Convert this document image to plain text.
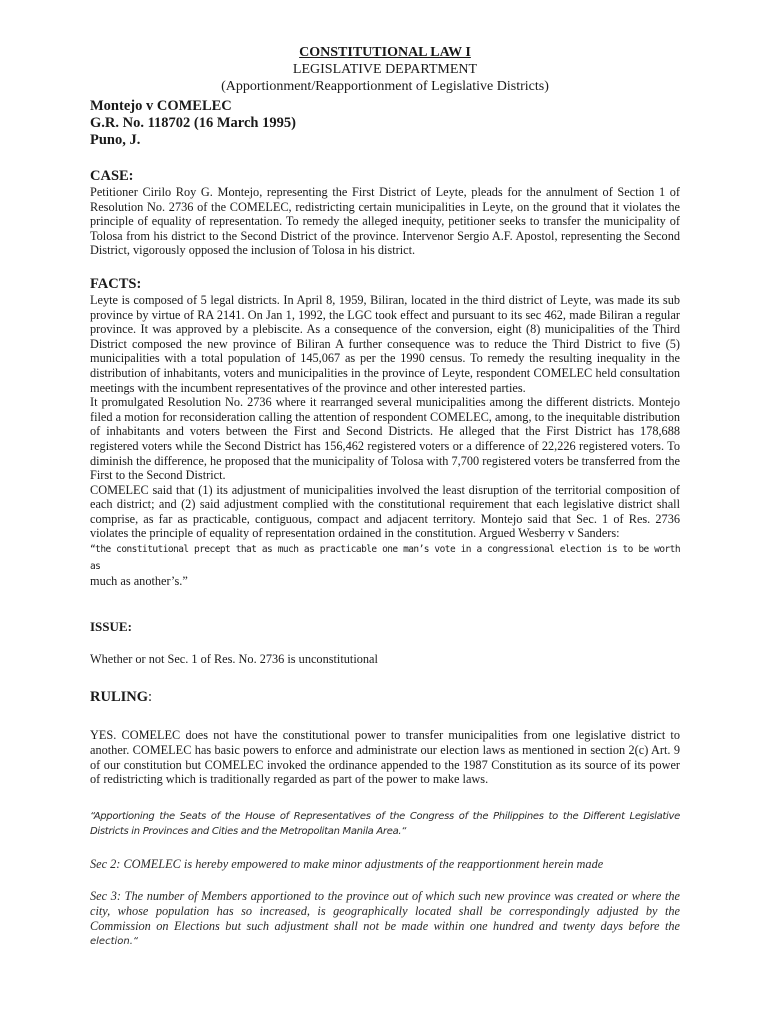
CONSTITUTIONAL LAW I
LEGISLATIVE DEPARTMENT
(Apportionment/Reapportionment of Legislative Districts)
Montejo v COMELEC
G.R. No. 118702 (16 March 1995)
Puno, J.
CASE:

Petitioner Cirilo Roy G. Montejo, representing the First District of Leyte, pleads for the annulment of Section 1 of Resolution No. 2736 of the COMELEC, redistricting certain municipalities in Leyte, on the ground that it violates the principle of equality of representation. To remedy the alleged inequity, petitioner seeks to transfer the municipality of Tolosa from his district to the Second District of the province. Intervenor Sergio A.F. Apostol, representing the Second District, vigorously opposed the inclusion of Tolosa in his district.

FACTS:

Leyte is composed of 5 legal districts. In April 8, 1959, Biliran, located in the third district of Leyte, was made its sub province by virtue of RA 2141. On Jan 1, 1992, the LGC took effect and pursuant to its sec 462, made Biliran a regular province. It was approved by a plebiscite. As a consequence of the conversion, eight (8) municipalities of the Third District composed the new province of Biliran A further consequence was to reduce the Third District to five (5) municipalities with a total population of 145,067 as per the 1990 census. To remedy the resulting inequality in the distribution of inhabitants, voters and municipalities in the province of Leyte, respondent COMELEC held consultation meetings with the incumbent representatives of the province and other interested parties.

It promulgated Resolution No. 2736 where it rearranged several municipalities among the different districts. Montejo filed a motion for reconsideration calling the attention of respondent COMELEC, among, to the inequitable distribution of inhabitants and voters between the First and Second Districts. He alleged that the First District has 178,688 registered voters while the Second District has 156,462 registered voters or a difference of 22,226 registered voters. To diminish the difference, he proposed that the municipality of Tolosa with 7,700 registered voters be transferred from the First to the Second District.

COMELEC said that (1) its adjustment of municipalities involved the least disruption of the territorial composition of each district; and (2) said adjustment complied with the constitutional requirement that each legislative district shall comprise, as far as practicable, contiguous, compact and adjacent territory. Montejo said that Sec. 1 of Res. 2736 violates the principle of equality of representation ordained in the constitution. Argued Wesberry v Sanders:
“the constitutional precept that as much as practicable one man’s vote in a congressional election is to be worth as
much as another’s.”

ISSUE:

Whether or not Sec. 1 of Res. No. 2736 is unconstitutional

RULING:

YES. COMELEC does not have the constitutional power to transfer municipalities from one legislative district to another. COMELEC has basic powers to enforce and administrate our election laws as mentioned in section 2(c) Art. 9 of our constitution but COMELEC invoked the ordinance appended to the 1987 Constitution as its source of its power of redistricting which is traditionally regarded as part of the power to make laws.

“Apportioning the Seats of the House of Representatives of the Congress of the Philippines to the Different Legislative Districts in Provinces and Cities and the Metropolitan Manila Area.“

Sec 2: COMELEC is hereby empowered to make minor adjustments of the reapportionment herein made

Sec 3: The number of Members apportioned to the province out of which such new province was created or where the city, whose population has so increased, is geographically located shall be correspondingly adjusted by the Commission on Elections but such adjustment shall not be made within one hundred and twenty days before the election.“
